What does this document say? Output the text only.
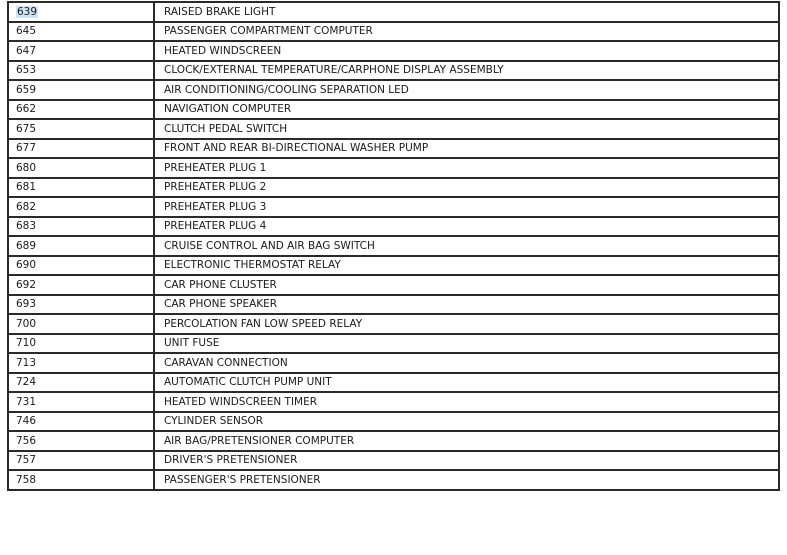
639	RAISED BRAKE LIGHT
645	PASSENGER COMPARTMENT COMPUTER
647	HEATED WINDSCREEN
653	CLOCK/EXTERNAL TEMPERATURE/CARPHONE DISPLAY ASSEMBLY
659	AIR CONDITIONING/COOLING SEPARATION LED
662	NAVIGATION COMPUTER
675	CLUTCH PEDAL SWITCH
677	FRONT AND REAR BI-DIRECTIONAL WASHER PUMP
680	PREHEATER PLUG 1
681	PREHEATER PLUG 2
682	PREHEATER PLUG 3
683	PREHEATER PLUG 4
689	CRUISE CONTROL AND AIR BAG SWITCH
690	ELECTRONIC THERMOSTAT RELAY
692	CAR PHONE CLUSTER
693	CAR PHONE SPEAKER
700	PERCOLATION FAN LOW SPEED RELAY
710	UNIT FUSE
713	CARAVAN CONNECTION
724	AUTOMATIC CLUTCH PUMP UNIT
731	HEATED WINDSCREEN TIMER
746	CYLINDER SENSOR
756	AIR BAG/PRETENSIONER COMPUTER
757	DRIVER'S PRETENSIONER
758	PASSENGER'S PRETENSIONER
